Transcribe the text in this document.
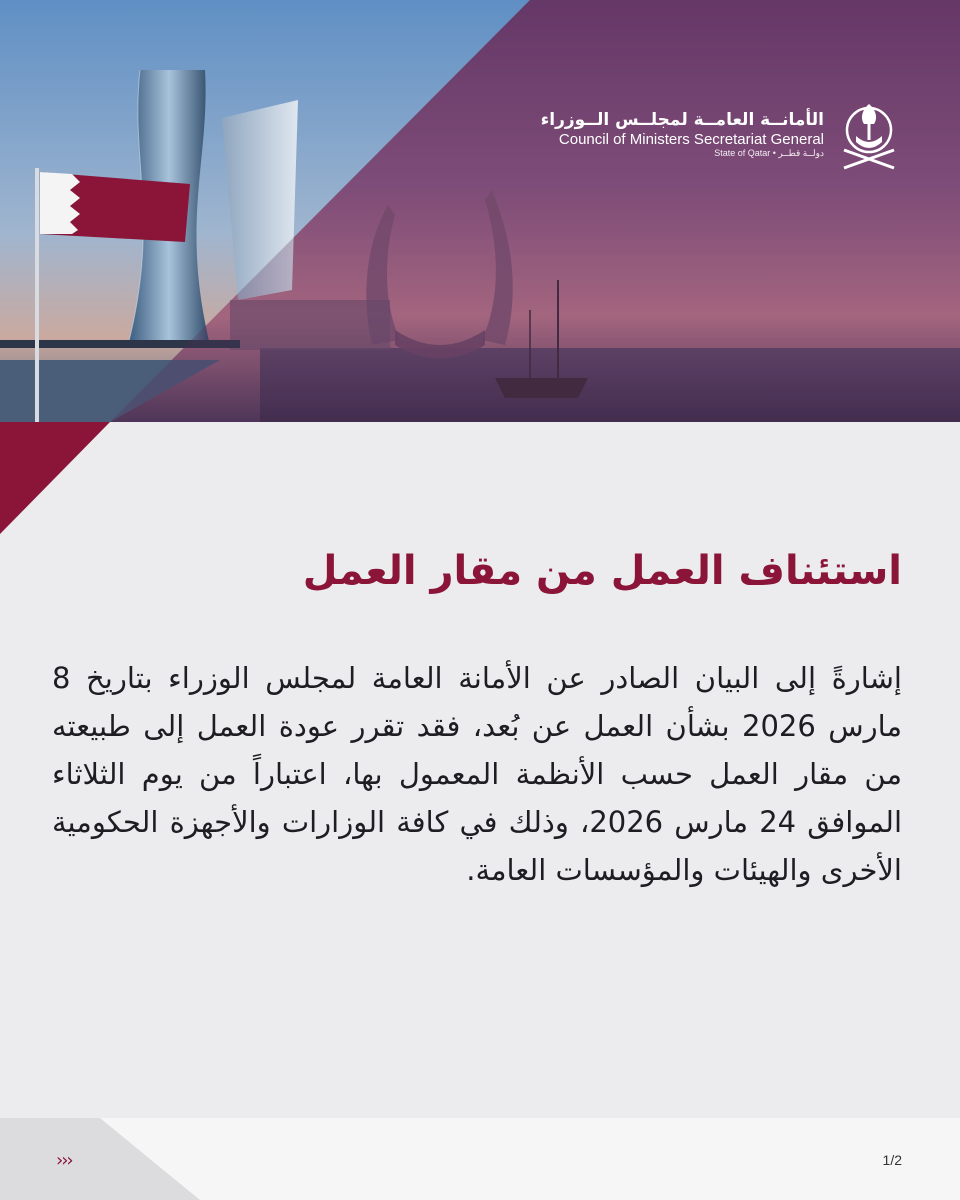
الأمانــة العامــة لمجلــس الــوزراء
Council of Ministers Secretariat General
State of Qatar • دولــة قطــر
استئناف العمل من مقار العمل

إشارةً إلى البيان الصادر عن الأمانة العامة لمجلس الوزراء بتاريخ 8 مارس 2026 بشأن العمل عن بُعد، فقد تقرر عودة العمل إلى طبيعته من مقار العمل حسب الأنظمة المعمول بها، اعتباراً من يوم الثلاثاء الموافق 24 مارس 2026، وذلك في كافة الوزارات والأجهزة الحكومية الأخرى والهيئات والمؤسسات العامة.

›››	1/2
